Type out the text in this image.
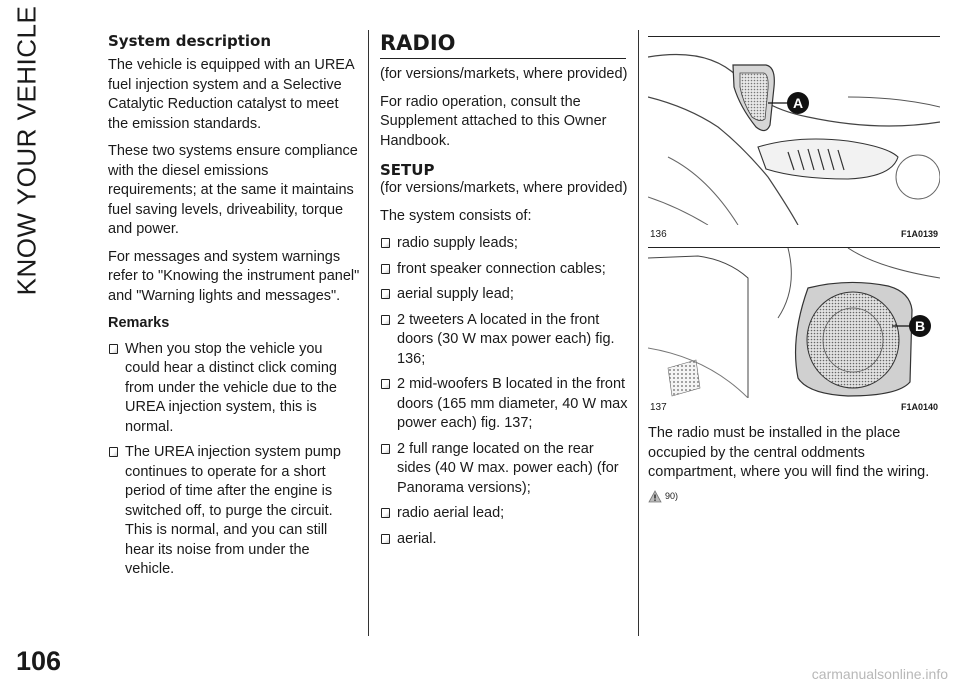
KNOW YOUR VEHICLE	System description

The vehicle is equipped with an UREA fuel injection system and a Selective Catalytic Reduction catalyst to meet the emission standards.

These two systems ensure compliance with the diesel emissions requirements; at the same it maintains fuel saving levels, driveability, torque and power.

For messages and system warnings refer to "Knowing the instrument panel" and "Warning lights and messages".

Remarks
When you stop the vehicle you could hear a distinct click coming from under the vehicle due to the UREA injection system, this is normal.
The UREA injection system pump continues to operate for a short period of time after the engine is switched off, to purge the circuit. This is normal, and you can still hear its noise from under the vehicle.
RADIO

(for versions/markets, where provided)

For radio operation, consult the Supplement attached to this Owner Handbook.

SETUP

(for versions/markets, where provided)

The system consists of:

radio supply leads;
front speaker connection cables;
aerial supply lead;
2 tweeters A located in the front doors (30 W max power each) fig. 136;
2 mid-woofers B located in the front doors (165 mm diameter, 40 W max power each) fig. 137;
2 full range located on the rear sides (40 W max. power each) (for Panorama versions);
radio aerial lead;
aerial.
A
136	F1A0139
B
137	F1A0140

The radio must be installed in the place occupied by the central oddments compartment, where you will find the wiring.

90)
106	carmanualsonline.info
